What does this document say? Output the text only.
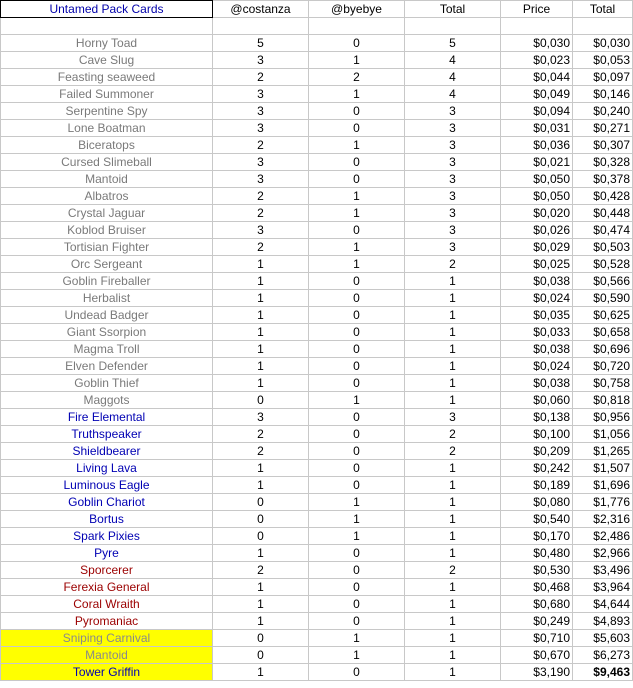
Untamed Pack Cards	@costanza	@byebye	Total	Price	Total

Horny Toad	5	0	5	$0,030	$0,030
Cave Slug	3	1	4	$0,023	$0,053
Feasting seaweed	2	2	4	$0,044	$0,097
Failed Summoner	3	1	4	$0,049	$0,146
Serpentine Spy	3	0	3	$0,094	$0,240
Lone Boatman	3	0	3	$0,031	$0,271
Biceratops	2	1	3	$0,036	$0,307
Cursed Slimeball	3	0	3	$0,021	$0,328
Mantoid	3	0	3	$0,050	$0,378
Albatros	2	1	3	$0,050	$0,428
Crystal Jaguar	2	1	3	$0,020	$0,448
Koblod Bruiser	3	0	3	$0,026	$0,474
Tortisian Fighter	2	1	3	$0,029	$0,503
Orc Sergeant	1	1	2	$0,025	$0,528
Goblin Fireballer	1	0	1	$0,038	$0,566
Herbalist	1	0	1	$0,024	$0,590
Undead Badger	1	0	1	$0,035	$0,625
Giant Ssorpion	1	0	1	$0,033	$0,658
Magma Troll	1	0	1	$0,038	$0,696
Elven Defender	1	0	1	$0,024	$0,720
Goblin Thief	1	0	1	$0,038	$0,758
Maggots	0	1	1	$0,060	$0,818
Fire Elemental	3	0	3	$0,138	$0,956
Truthspeaker	2	0	2	$0,100	$1,056
Shieldbearer	2	0	2	$0,209	$1,265
Living Lava	1	0	1	$0,242	$1,507
Luminous Eagle	1	0	1	$0,189	$1,696
Goblin Chariot	0	1	1	$0,080	$1,776
Bortus	0	1	1	$0,540	$2,316
Spark Pixies	0	1	1	$0,170	$2,486
Pyre	1	0	1	$0,480	$2,966
Sporcerer	2	0	2	$0,530	$3,496
Ferexia General	1	0	1	$0,468	$3,964
Coral Wraith	1	0	1	$0,680	$4,644
Pyromaniac	1	0	1	$0,249	$4,893
Sniping Carnival	0	1	1	$0,710	$5,603
Mantoid	0	1	1	$0,670	$6,273
Tower Griffin	1	0	1	$3,190	$9,463
